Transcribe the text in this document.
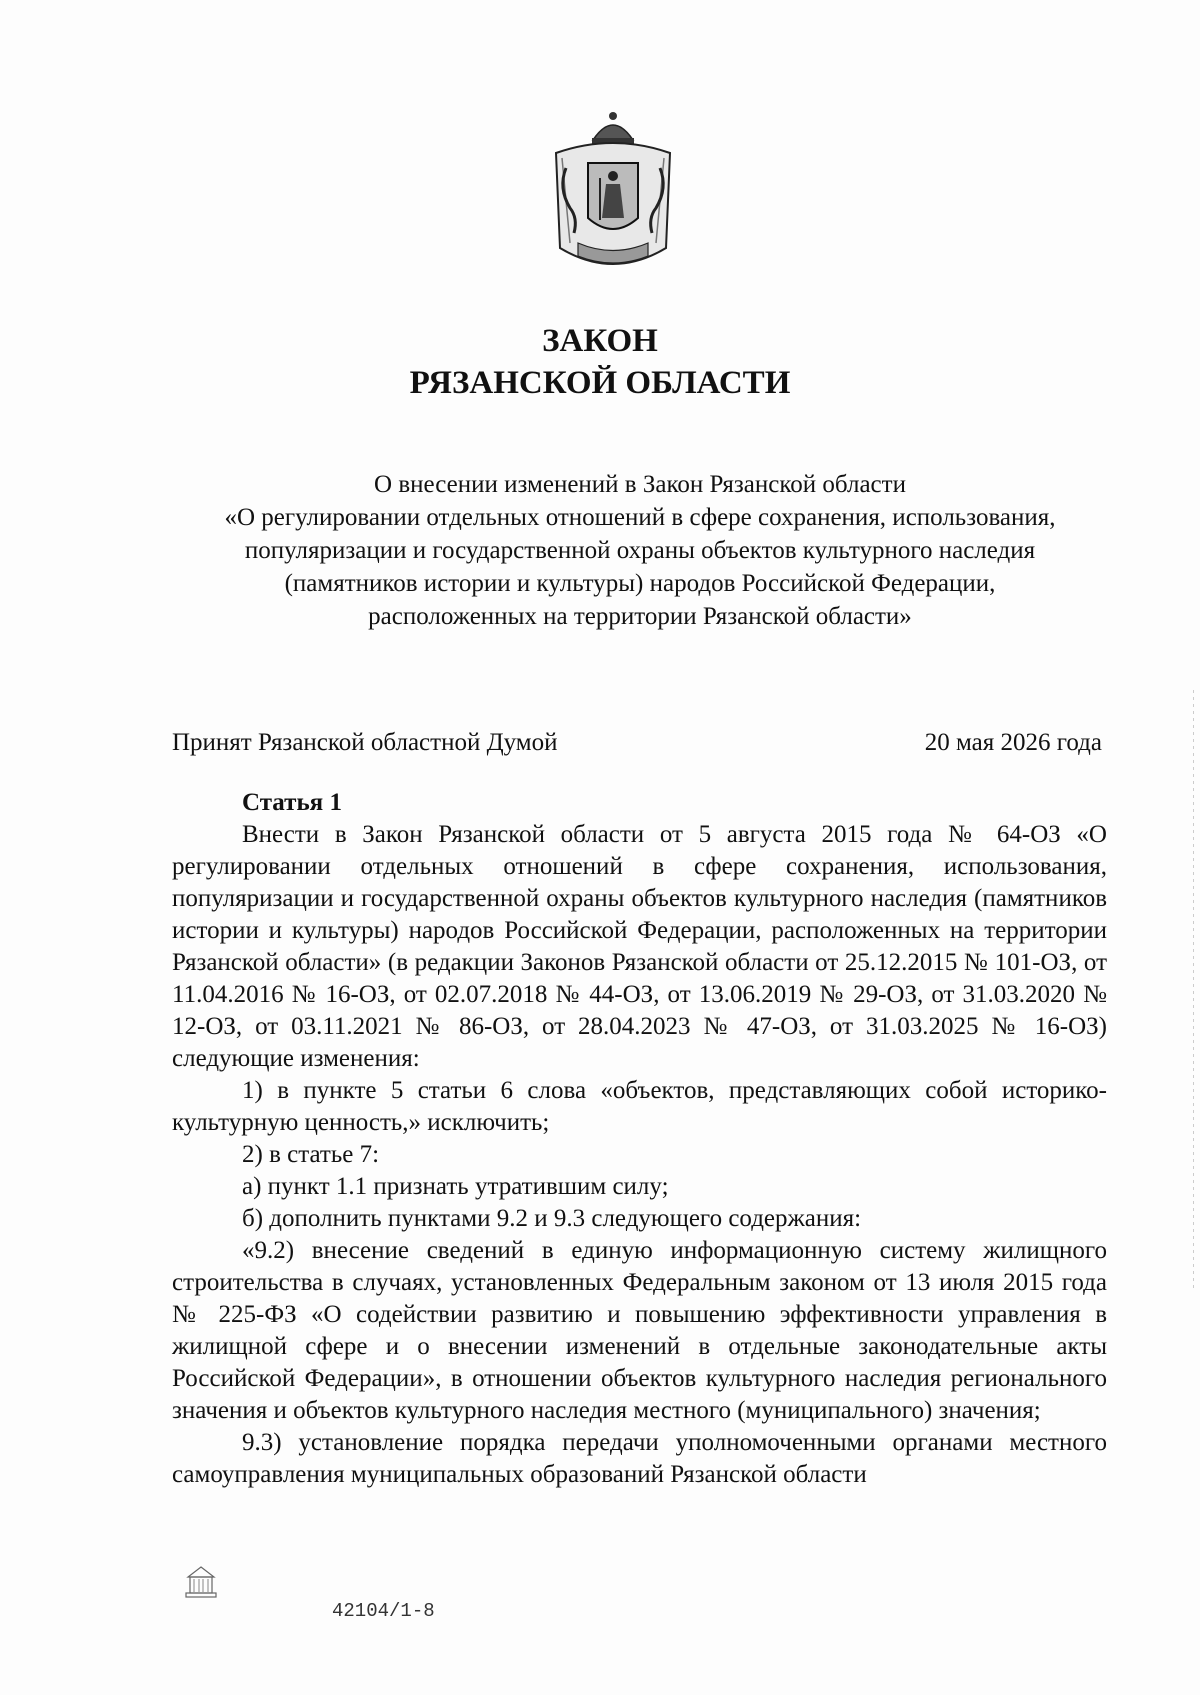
ЗАКОН
РЯЗАНСКОЙ ОБЛАСТИ
О внесении изменений в Закон Рязанской области
«О регулировании отдельных отношений в сфере сохранения, использования,
популяризации и государственной охраны объектов культурного наследия
(памятников истории и культуры) народов Российской Федерации,
расположенных на территории Рязанской области»
Принят Рязанской областной Думой	20 мая 2026 года

Статья 1

Внести в Закон Рязанской области от 5 августа 2015 года № 64-ОЗ «О регулировании отдельных отношений в сфере сохранения, использования, популяризации и государственной охраны объектов культурного наследия (памятников истории и культуры) народов Российской Федерации, расположенных на территории Рязанской области» (в редакции Законов Рязанской области от 25.12.2015 № 101-ОЗ, от 11.04.2016 № 16-ОЗ, от 02.07.2018 № 44-ОЗ, от 13.06.2019 № 29-ОЗ, от 31.03.2020 № 12-ОЗ, от 03.11.2021 № 86-ОЗ, от 28.04.2023 № 47-ОЗ, от 31.03.2025 № 16-ОЗ) следующие изменения:

1) в пункте 5 статьи 6 слова «объектов, представляющих собой историко-культурную ценность,» исключить;

2) в статье 7:

а) пункт 1.1 признать утратившим силу;

б) дополнить пунктами 9.2 и 9.3 следующего содержания:

«9.2) внесение сведений в единую информационную систему жилищного строительства в случаях, установленных Федеральным законом от 13 июля 2015 года № 225-ФЗ «О содействии развитию и повышению эффективности управления в жилищной сфере и о внесении изменений в отдельные законодательные акты Российской Федерации», в отношении объектов культурного наследия регионального значения и объектов культурного наследия местного (муниципального) значения;

9.3) установление порядка передачи уполномоченными органами местного самоуправления муниципальных образований Рязанской области

42104/1-8
